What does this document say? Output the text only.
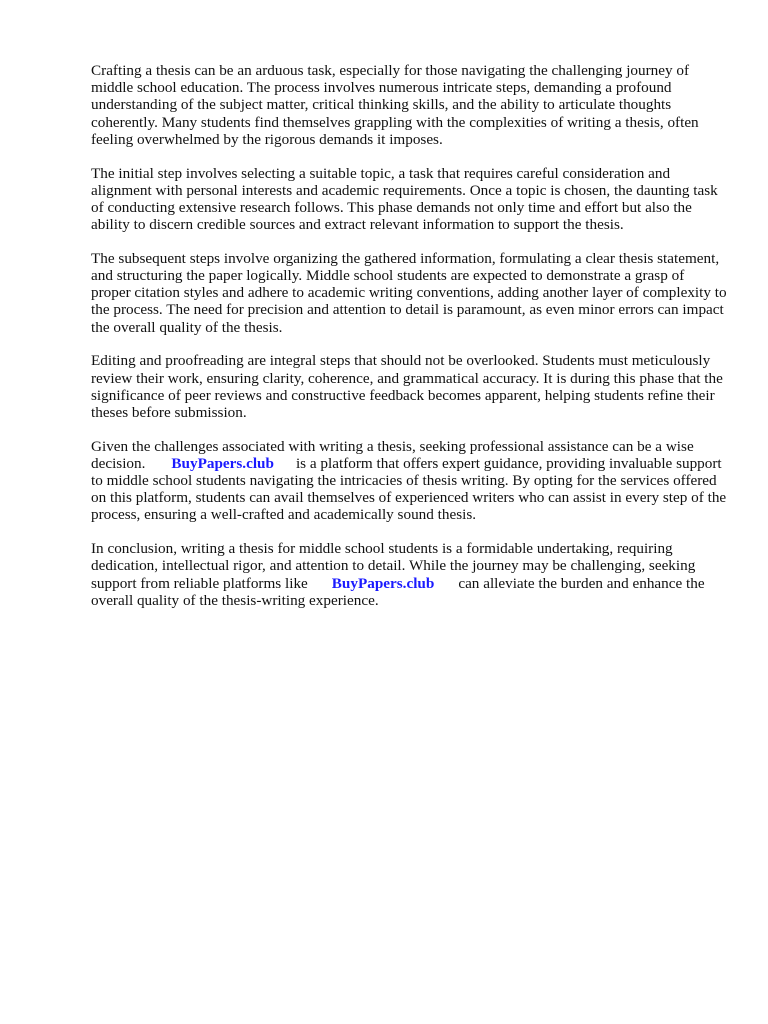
Crafting a thesis can be an arduous task, especially for those navigating the challenging journey of middle school education. The process involves numerous intricate steps, demanding a profound understanding of the subject matter, critical thinking skills, and the ability to articulate thoughts coherently. Many students find themselves grappling with the complexities of writing a thesis, often feeling overwhelmed by the rigorous demands it imposes.

The initial step involves selecting a suitable topic, a task that requires careful consideration and alignment with personal interests and academic requirements. Once a topic is chosen, the daunting task of conducting extensive research follows. This phase demands not only time and effort but also the ability to discern credible sources and extract relevant information to support the thesis.

The subsequent steps involve organizing the gathered information, formulating a clear thesis statement, and structuring the paper logically. Middle school students are expected to demonstrate a grasp of proper citation styles and adhere to academic writing conventions, adding another layer of complexity to the process. The need for precision and attention to detail is paramount, as even minor errors can impact the overall quality of the thesis.

Editing and proofreading are integral steps that should not be overlooked. Students must meticulously review their work, ensuring clarity, coherence, and grammatical accuracy. It is during this phase that the significance of peer reviews and constructive feedback becomes apparent, helping students refine their theses before submission.

Given the challenges associated with writing a thesis, seeking professional assistance can be a wise decision. BuyPapers.club is a platform that offers expert guidance, providing invaluable support to middle school students navigating the intricacies of thesis writing. By opting for the services offered on this platform, students can avail themselves of experienced writers who can assist in every step of the process, ensuring a well-crafted and academically sound thesis.

In conclusion, writing a thesis for middle school students is a formidable undertaking, requiring dedication, intellectual rigor, and attention to detail. While the journey may be challenging, seeking support from reliable platforms like BuyPapers.club can alleviate the burden and enhance the overall quality of the thesis-writing experience.
